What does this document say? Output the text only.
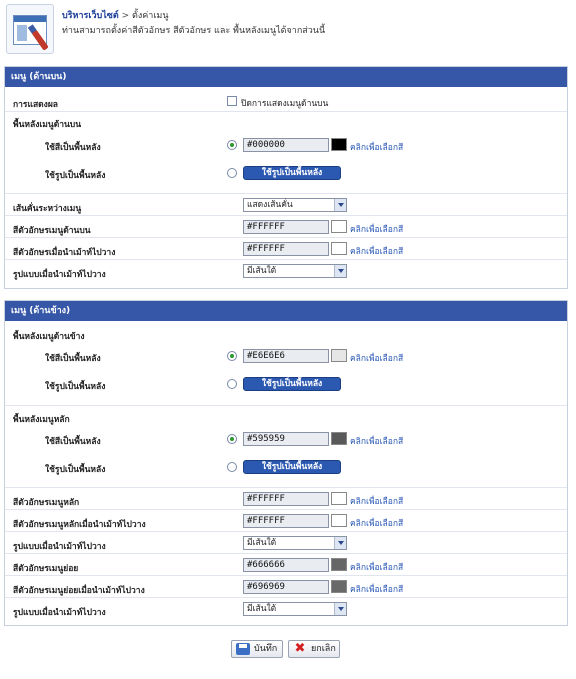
บริหารเว็บไซต์ > ตั้งค่าเมนู
ท่านสามารถตั้งค่าสีตัวอักษร สีตัวอักษร และ พื้นหลังเมนูได้จากส่วนนี้
เมนู (ด้านบน)
การแสดงผล	ปิดการแสดงเมนูด้านบน
พื้นหลังเมนูด้านบน
ใช้สีเป็นพื้นหลัง	#000000	คลิกเพื่อเลือกสี
ใช้รูปเป็นพื้นหลัง	ใช้รูปเป็นพื้นหลัง
เส้นคั่นระหว่างเมนู	แสดงเส้นคั่น
สีตัวอักษรเมนูด้านบน	#FFFFFF	คลิกเพื่อเลือกสี
สีตัวอักษรเมื่อนำเม้าท์ไปวาง	#FFFFFF	คลิกเพื่อเลือกสี
รูปแบบเมื่อนำเม้าท์ไปวาง	มีเส้นใต้
เมนู (ด้านข้าง)
พื้นหลังเมนูด้านข้าง
ใช้สีเป็นพื้นหลัง	#E6E6E6	คลิกเพื่อเลือกสี
ใช้รูปเป็นพื้นหลัง	ใช้รูปเป็นพื้นหลัง
พื้นหลังเมนูหลัก
ใช้สีเป็นพื้นหลัง	#595959	คลิกเพื่อเลือกสี
ใช้รูปเป็นพื้นหลัง	ใช้รูปเป็นพื้นหลัง
สีตัวอักษรเมนูหลัก	#FFFFFF	คลิกเพื่อเลือกสี
สีตัวอักษรเมนูหลักเมื่อนำเม้าท์ไปวาง	#FFFFFF	คลิกเพื่อเลือกสี
รูปแบบเมื่อนำเม้าท์ไปวาง	มีเส้นใต้
สีตัวอักษรเมนูย่อย	#666666	คลิกเพื่อเลือกสี
สีตัวอักษรเมนูย่อยเมื่อนำเม้าท์ไปวาง	#696969	คลิกเพื่อเลือกสี
รูปแบบเมื่อนำเม้าท์ไปวาง	มีเส้นใต้
บันทึก	✖ ยกเลิก
